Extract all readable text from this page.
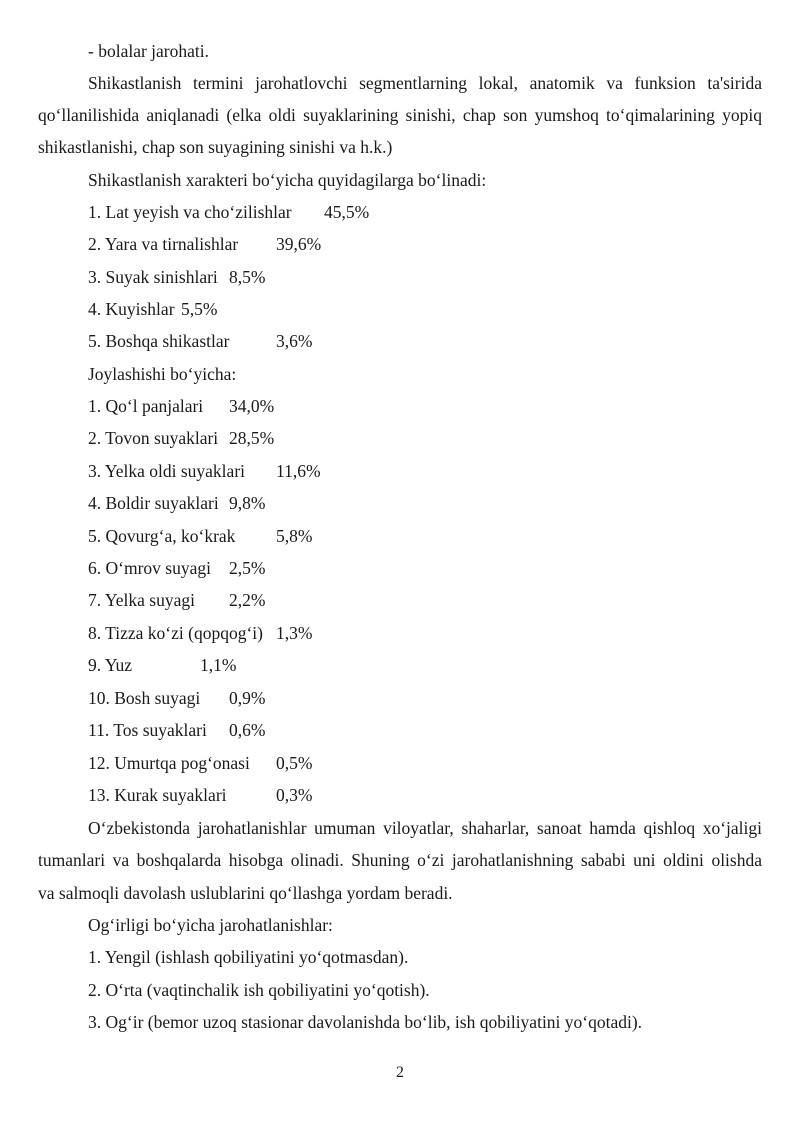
- bolalar jarohati.
Shikastlanish termini jarohatlovchi segmentlarning lokal, anatomik va funksion ta'sirida
qo‘llanilishida aniqlanadi (elka oldi suyaklarining sinishi, chap son yumshoq to‘qimalarining yopiq
shikastlanishi, chap son suyagining sinishi va h.k.)
Shikastlanish xarakteri bo‘yicha quyidagilarga bo‘linadi:
1. Lat yeyish va cho‘zilishlar 45,5%
2. Yara va tirnalishlar 39,6%
3. Suyak sinishlari 8,5%
4. Kuyishlar 5,5%
5. Boshqa shikastlar	3,6%
Joylashishi bo‘yicha:
1. Qo‘l panjalari 34,0%
2. Tovon suyaklari 28,5%
3. Yelka oldi suyaklari 11,6%
4. Boldir suyaklari 9,8%
5. Qovurg‘a, ko‘krak 5,8%
6. O‘mrov suyagi 2,5%
7. Yelka suyagi 2,2%
8. Tizza ko‘zi (qopqog‘i) 1,3%
9. Yuz	1,1%
10. Bosh suyagi 0,9%
11. Tos suyaklari 0,6%
12. Umurtqa pog‘onasi 0,5%
13. Kurak suyaklari	0,3%
O‘zbekistonda jarohatlanishlar umuman viloyatlar, shaharlar, sanoat hamda qishloq xo‘jaligi
tumanlari va boshqalarda hisobga olinadi. Shuning o‘zi jarohatlanishning sababi uni oldini olishda
va salmoqli davolash uslublarini qo‘llashga yordam beradi.
Og‘irligi bo‘yicha jarohatlanishlar:
1. Yengil (ishlash qobiliyatini yo‘qotmasdan).
2. O‘rta (vaqtinchalik ish qobiliyatini yo‘qotish).
3. Og‘ir (bemor uzoq stasionar davolanishda bo‘lib, ish qobiliyatini yo‘qotadi).
2
